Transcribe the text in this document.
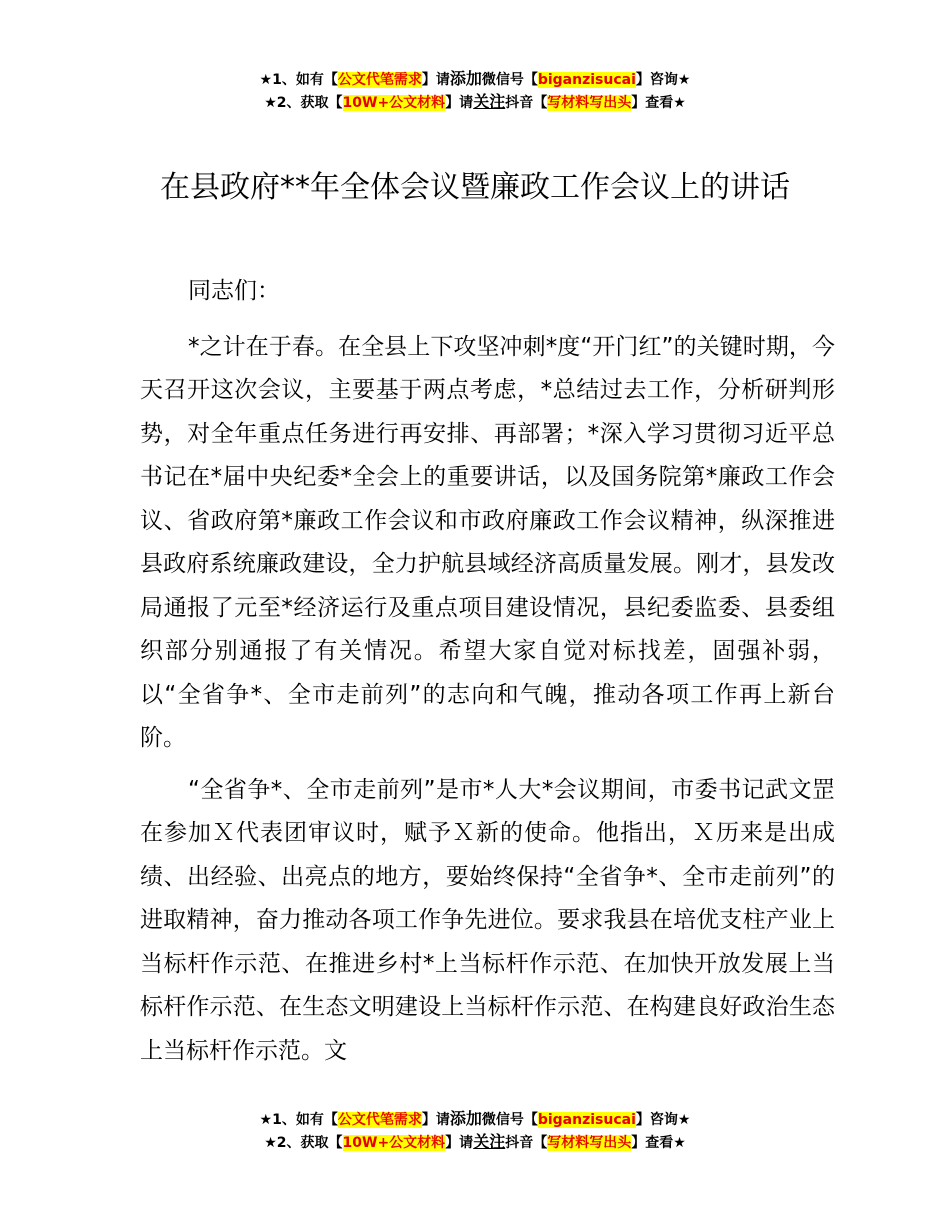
★1、如有【公文代笔需求】请添加微信号【biganzisucai】咨询★
★2、获取【10W+公文材料】请关注抖音【写材料写出头】查看★
在县政府**年全体会议暨廉政工作会议上的讲话

同志们：

*之计在于春。在全县上下攻坚冲刺*度“开门红”的关键时期，今天召开这次会议，主要基于两点考虑，*总结过去工作，分析研判形势，对全年重点任务进行再安排、再部署；*深入学习贯彻习近平总书记在*届中央纪委*全会上的重要讲话，以及国务院第*廉政工作会议、省政府第*廉政工作会议和市政府廉政工作会议精神，纵深推进县政府系统廉政建设，全力护航县域经济高质量发展。刚才，县发改局通报了元至*经济运行及重点项目建设情况，县纪委监委、县委组织部分别通报了有关情况。希望大家自觉对标找差，固强补弱，以“全省争*、全市走前列”的志向和气魄，推动各项工作再上新台阶。

“全省争*、全市走前列”是市*人大*会议期间，市委书记武文罡在参加Ｘ代表团审议时，赋予Ｘ新的使命。他指出，Ｘ历来是出成绩、出经验、出亮点的地方，要始终保持“全省争*、全市走前列”的进取精神，奋力推动各项工作争先进位。要求我县在培优支柱产业上当标杆作示范、在推进乡村*上当标杆作示范、在加快开放发展上当标杆作示范、在生态文明建设上当标杆作示范、在构建良好政治生态上当标杆作示范。文

★1、如有【公文代笔需求】请添加微信号【biganzisucai】咨询★
★2、获取【10W+公文材料】请关注抖音【写材料写出头】查看★
